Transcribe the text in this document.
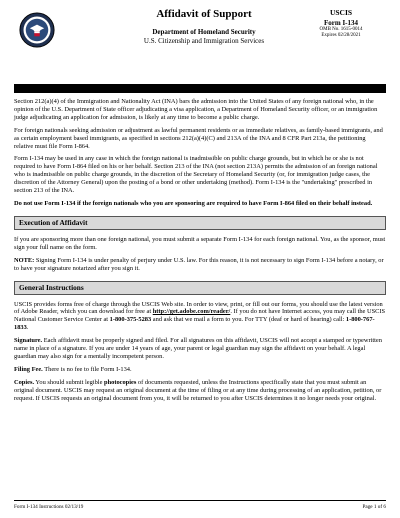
Affidavit of Support
Department of Homeland Security
U.S. Citizenship and Immigration Services
USCIS
Form I-134
OMB No. 1615-0014
Expires 02/28/2021

Section 212(a)(4) of the Immigration and Nationality Act (INA) bars the admission into the United States of any foreign national who, in the opinion of the U.S. Department of State officer adjudicating a visa application, a Department of Homeland Security officer, or an immigration judge adjudicating an application for admission, is likely at any time to become a public charge.

For foreign nationals seeking admission or adjustment as lawful permanent residents or as immediate relatives, as family-based immigrants, and as certain employment based immigrants, as specified in sections 212(a)(4)(C) and 213A of the INA and 8 CFR Part 213a, the petitioning relative must file Form I-864.

Form I-134 may be used in any case in which the foreign national is inadmissible on public charge grounds, but in which he or she is not required to have Form I-864 filed on his or her behalf. Section 213 of the INA (not section 213A) permits the admission of an foreign national who is inadmissible on public charge grounds, in the discretion of the Secretary of Homeland Security (or, for immigration judge cases, the discretion of the Attorney General) upon the posting of a bond or other undertaking (method). Form I-134 is the "undertaking" prescribed in section 213 of the INA.

Do not use Form I-134 if the foreign nationals who you are sponsoring are required to have Form I-864 filed on their behalf instead.

Execution of Affidavit

If you are sponsoring more than one foreign national, you must submit a separate Form I-134 for each foreign national. You, as the sponsor, must sign your full name on the form.

NOTE: Signing Form I-134 is under penalty of perjury under U.S. law. For this reason, it is not necessary to sign Form I-134 before a notary, or to have your signature notarized after you sign it.

General Instructions

USCIS provides forms free of charge through the USCIS Web site. In order to view, print, or fill out our forms, you should use the latest version of Adobe Reader, which you can download for free at http://get.adobe.com/reader/. If you do not have Internet access, you may call the USCIS National Customer Service Center at 1-800-375-5283 and ask that we mail a form to you. For TTY (deaf or hard of hearing) call: 1-800-767-1833.

Signature. Each affidavit must be properly signed and filed. For all signatures on this affidavit, USCIS will not accept a stamped or typewritten name in place of a signature. If you are under 14 years of age, your parent or legal guardian may sign the affidavit on your behalf. A legal guardian may also sign for a mentally incompetent person.

Filing Fee. There is no fee to file Form I-134.

Copies. You should submit legible photocopies of documents requested, unless the Instructions specifically state that you must submit an original document. USCIS may request an original document at the time of filing or at any time during processing of an application, petition, or request. If USCIS requests an original document from you, it will be returned to you after USCIS determines it no longer needs your original.

Form I-134 Instructions 02/13/19	Page 1 of 6
